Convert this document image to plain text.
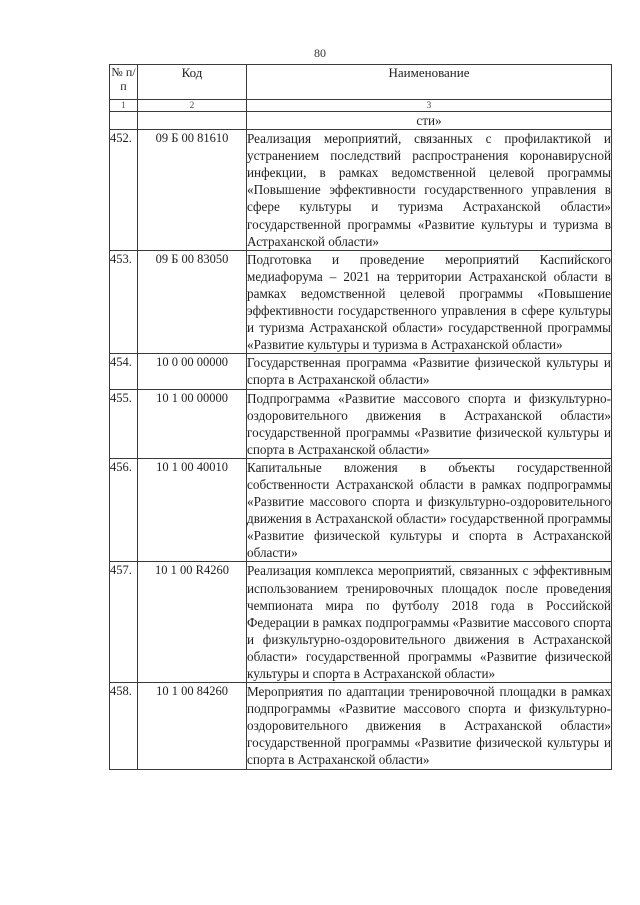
80
№ п/п	Код	Наименование
1	2	3
		сти»
452.	09 Б 00 81610	Реализация мероприятий, связанных с профилактикой и устранением последствий распространения коронавирусной инфекции, в рамках ведомственной целевой программы «Повышение эффективности государственного управления в сфере культуры и туризма Астраханской области» государственной программы «Развитие культуры и туризма в Астраханской области»
453.	09 Б 00 83050	Подготовка и проведение мероприятий Каспийского медиафорума – 2021 на территории Астраханской области в рамках ведомственной целевой программы «Повышение эффективности государственного управления в сфере культуры и туризма Астраханской области» государственной программы «Развитие культуры и туризма в Астраханской области»
454.	10 0 00 00000	Государственная программа «Развитие физической культуры и спорта в Астраханской области»
455.	10 1 00 00000	Подпрограмма «Развитие массового спорта и физкультурно-оздоровительного движения в Астраханской области» государственной программы «Развитие физической культуры и спорта в Астраханской области»
456.	10 1 00 40010	Капитальные вложения в объекты государственной собственности Астраханской области в рамках подпрограммы «Развитие массового спорта и физкультурно-оздоровительного движения в Астраханской области» государственной программы «Развитие физической культуры и спорта в Астраханской области»
457.	10 1 00 R4260	Реализация комплекса мероприятий, связанных с эффективным использованием тренировочных площадок после проведения чемпионата мира по футболу 2018 года в Российской Федерации в рамках подпрограммы «Развитие массового спорта и физкультурно-оздоровительного движения в Астраханской области» государственной программы «Развитие физической культуры и спорта в Астраханской области»
458.	10 1 00 84260	Мероприятия по адаптации тренировочной площадки в рамках подпрограммы «Развитие массового спорта и физкультурно-оздоровительного движения в Астраханской области» государственной программы «Развитие физической культуры и спорта в Астраханской области»
